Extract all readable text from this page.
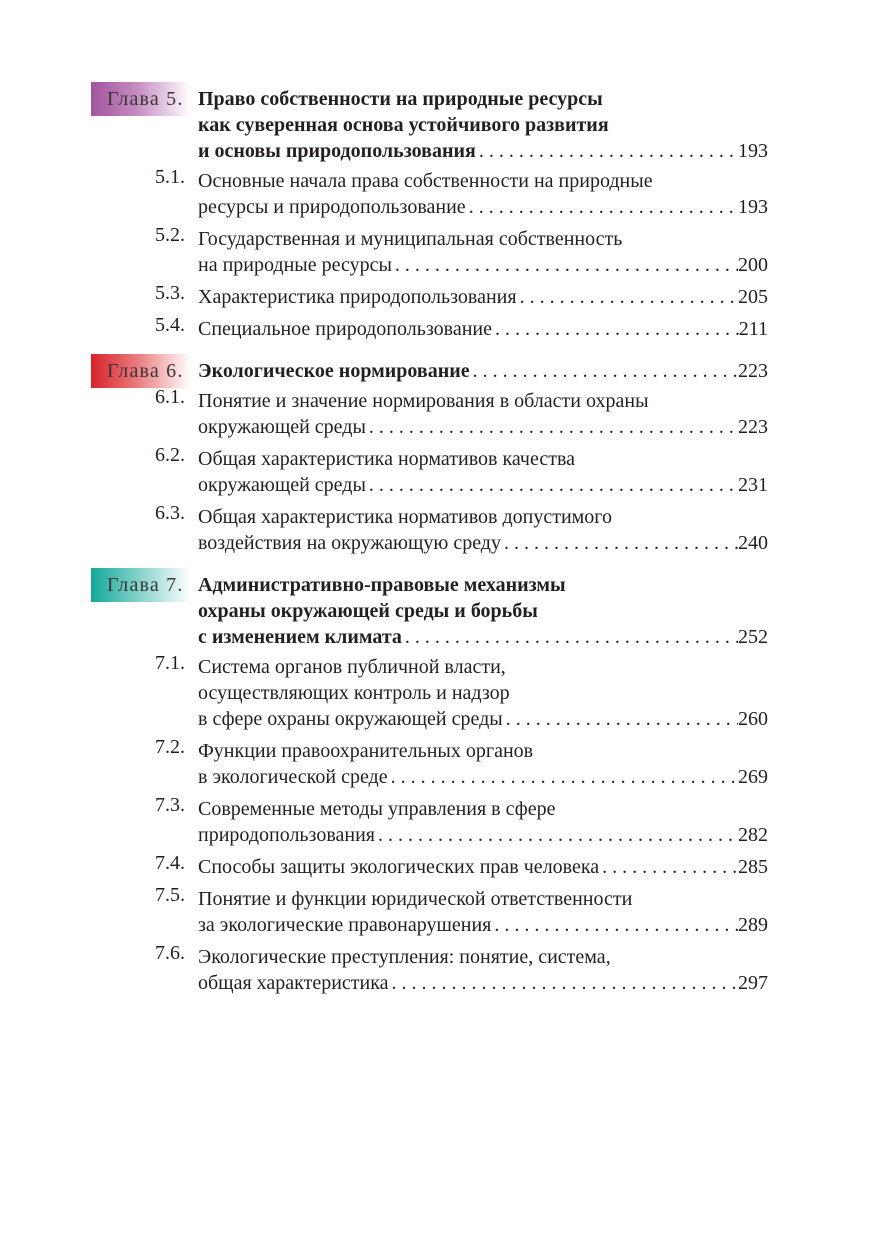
Глава 5. Право собственности на природные ресурсы
как суверенная основа устойчивого развития
и основы природопользования . . .	193
5.1. Основные начала права собственности на природные
ресурсы и природопользование . . .	193
5.2. Государственная и муниципальная собственность
на природные ресурсы . . .	200
5.3. Характеристика природопользования . . .	205
5.4. Специальное природопользование . . .	211
Глава 6. Экологическое нормирование . . .	223
6.1. Понятие и значение нормирования в области охраны
окружающей среды . . .	223
6.2. Общая характеристика нормативов качества
окружающей среды . . .	231
6.3. Общая характеристика нормативов допустимого
воздействия на окружающую среду . . .	240
Глава 7. Административно-правовые механизмы
охраны окружающей среды и борьбы
с изменением климата . . .	252
7.1. Система органов публичной власти,
осуществляющих контроль и надзор
в сфере охраны окружающей среды . . .	260
7.2. Функции правоохранительных органов
в экологической среде . . .	269
7.3. Современные методы управления в сфере
природопользования . . .	282
7.4. Способы защиты экологических прав человека . . .	285
7.5. Понятие и функции юридической ответственности
за экологические правонарушения . . .	289
7.6. Экологические преступления: понятие, система,
общая характеристика . . .	297
